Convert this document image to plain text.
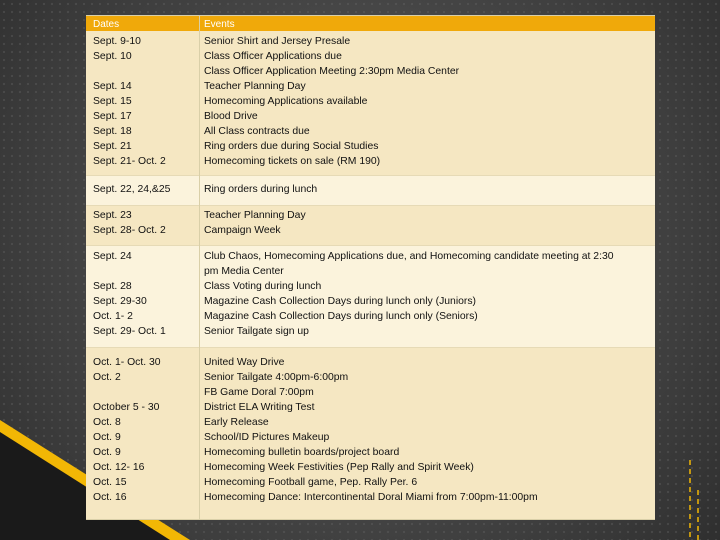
Dates	Events
Sept. 9-10
Sept. 10

Sept. 14
Sept. 15
Sept. 17
Sept. 18
Sept. 21
Sept. 21- Oct. 2
Senior Shirt and Jersey Presale
Class Officer Applications due
Class Officer Application Meeting 2:30pm Media Center
Teacher Planning Day
Homecoming Applications available
Blood Drive
All Class contracts due
Ring orders due during Social Studies
Homecoming tickets on sale (RM 190)
Sept. 22, 24,&25	Ring orders during lunch
Sept. 23
Sept. 28- Oct. 2
Teacher Planning Day
Campaign Week
Sept. 24

Sept. 28
Sept. 29-30
Oct. 1- 2
Sept. 29- Oct. 1
Club Chaos, Homecoming Applications due, and Homecoming candidate meeting at 2:30
pm Media Center
Class Voting during lunch
Magazine Cash Collection Days during lunch only (Juniors)
Magazine Cash Collection Days during lunch only (Seniors)
Senior Tailgate sign up
Oct. 1- Oct. 30
Oct. 2

October 5 - 30
Oct. 8
Oct. 9
Oct. 9
Oct. 12- 16
Oct. 15
Oct. 16
United Way Drive
Senior Tailgate 4:00pm-6:00pm
FB Game Doral 7:00pm
District ELA Writing Test
Early Release
School/ID Pictures Makeup
Homecoming bulletin boards/project board
Homecoming Week Festivities (Pep Rally and Spirit Week)
Homecoming Football game, Pep. Rally Per. 6
Homecoming Dance: Intercontinental Doral Miami from 7:00pm-11:00pm
